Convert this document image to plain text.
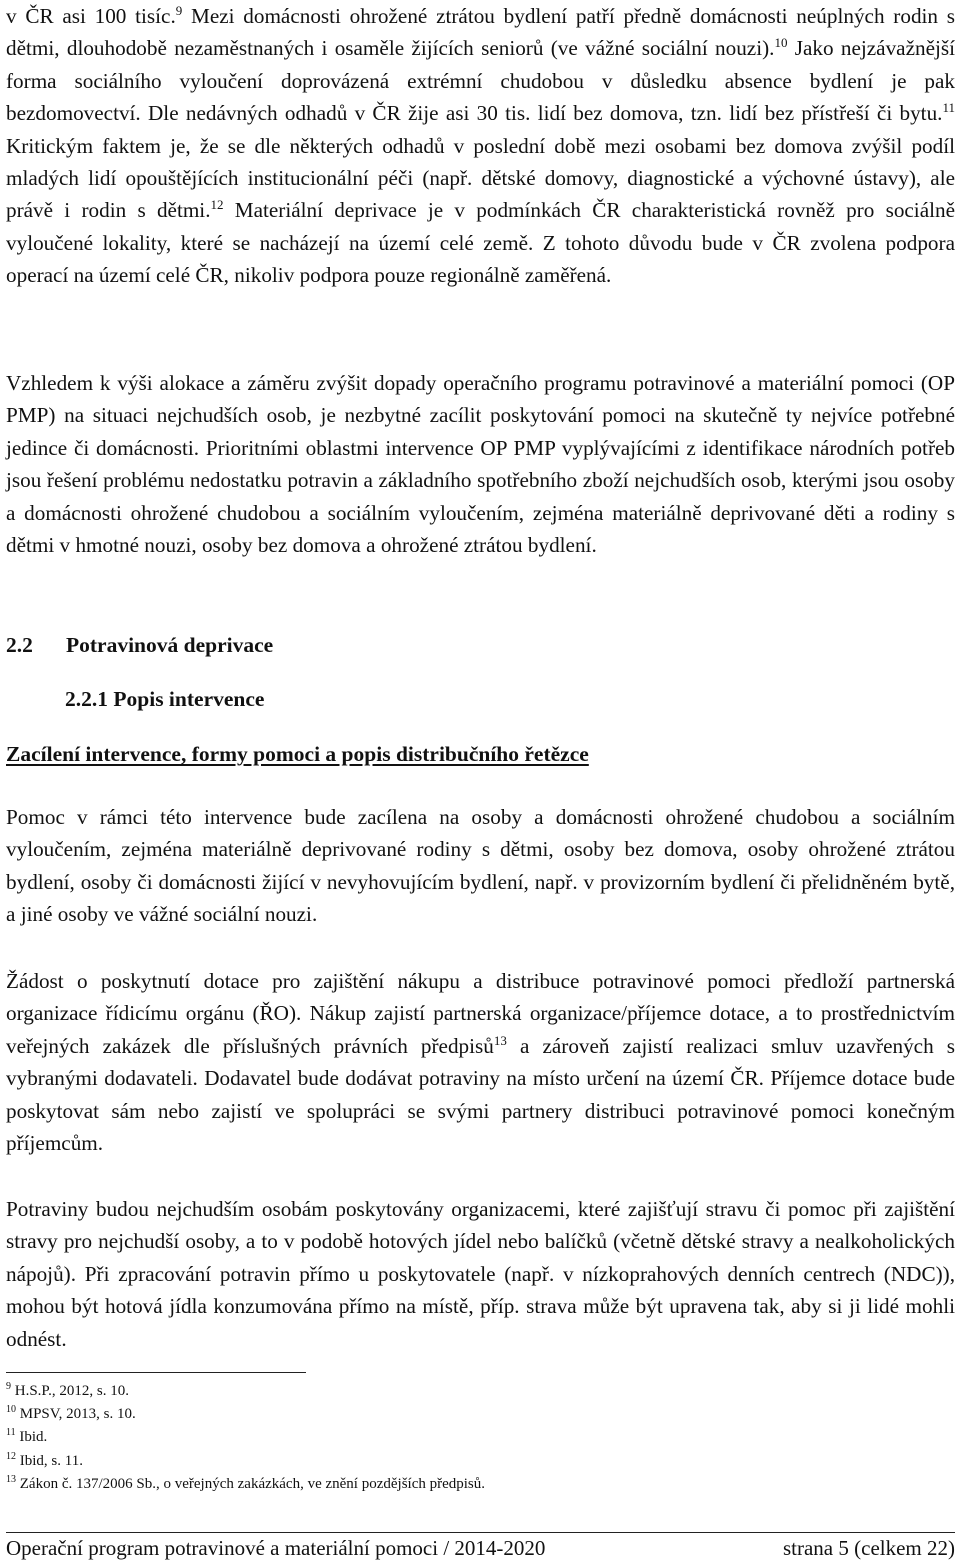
v ČR asi 100 tisíc.$^9$ Mezi domácnosti ohrožené ztrátou bydlení patří předně domácnosti neúplných rodin s dětmi, dlouhodobě nezaměstnaných i osaměle žijících seniorů (ve vážné sociální nouzi).$^{10}$ Jako nejzávažnější forma sociálního vyloučení doprovázená extrémní chudobou v důsledku absence bydlení je pak bezdomovectví. Dle nedávných odhadů v ČR žije asi 30 tis. lidí bez domova, tzn. lidí bez přístřeší či bytu.$^{11}$ Kritickým faktem je, že se dle některých odhadů v poslední době mezi osobami bez domova zvýšil podíl mladých lidí opouštějících institucionální péči (např. dětské domovy, diagnostické a výchovné ústavy), ale právě i rodin s dětmi.$^{12}$ Materiální deprivace je v podmínkách ČR charakteristická rovněž pro sociálně vyloučené lokality, které se nacházejí na území celé země. Z tohoto důvodu bude v ČR zvolena podpora operací na území celé ČR, nikoliv podpora pouze regionálně zaměřená.

Vzhledem k výši alokace a záměru zvýšit dopady operačního programu potravinové a materiální pomoci (OP PMP) na situaci nejchudších osob, je nezbytné zacílit poskytování pomoci na skutečně ty nejvíce potřebné jedince či domácnosti. Prioritními oblastmi intervence OP PMP vyplývajícími z identifikace národních potřeb jsou řešení problému nedostatku potravin a základního spotřebního zboží nejchudších osob, kterými jsou osoby a domácnosti ohrožené chudobou a sociálním vyloučením, zejména materiálně deprivované děti a rodiny s dětmi v hmotné nouzi, osoby bez domova a ohrožené ztrátou bydlení.

2.2 Potravinová deprivace
2.2.1 Popis intervence
Zacílení intervence, formy pomoci a popis distribučního řetězce

Pomoc v rámci této intervence bude zacílena na osoby a domácnosti ohrožené chudobou a sociálním vyloučením, zejména materiálně deprivované rodiny s dětmi, osoby bez domova, osoby ohrožené ztrátou bydlení, osoby či domácnosti žijící v nevyhovujícím bydlení, např. v provizorním bydlení či přelidněném bytě, a jiné osoby ve vážné sociální nouzi.

Žádost o poskytnutí dotace pro zajištění nákupu a distribuce potravinové pomoci předloží partnerská organizace řídicímu orgánu (ŘO). Nákup zajistí partnerská organizace/příjemce dotace, a to prostřednictvím veřejných zakázek dle příslušných právních předpisů$^{13}$ a zároveň zajistí realizaci smluv uzavřených s vybranými dodavateli. Dodavatel bude dodávat potraviny na místo určení na území ČR. Příjemce dotace bude poskytovat sám nebo zajistí ve spolupráci se svými partnery distribuci potravinové pomoci konečným příjemcům.

Potraviny budou nejchudším osobám poskytovány organizacemi, které zajišťují stravu či pomoc při zajištění stravy pro nejchudší osoby, a to v podobě hotových jídel nebo balíčků (včetně dětské stravy a nealkoholických nápojů). Při zpracování potravin přímo u poskytovatele (např. v nízkoprahových denních centrech (NDC)), mohou být hotová jídla konzumována přímo na místě, příp. strava může být upravena tak, aby si ji lidé mohli odnést.

$^9$ H.S.P., 2012, s. 10.

$^{10}$ MPSV, 2013, s. 10.

$^{11}$ Ibid.

$^{12}$ Ibid, s. 11.

$^{13}$ Zákon č. 137/2006 Sb., o veřejných zakázkách, ve znění pozdějších předpisů.

Operační program potravinové a materiální pomoci / 2014-2020	strana 5 (celkem 22)
